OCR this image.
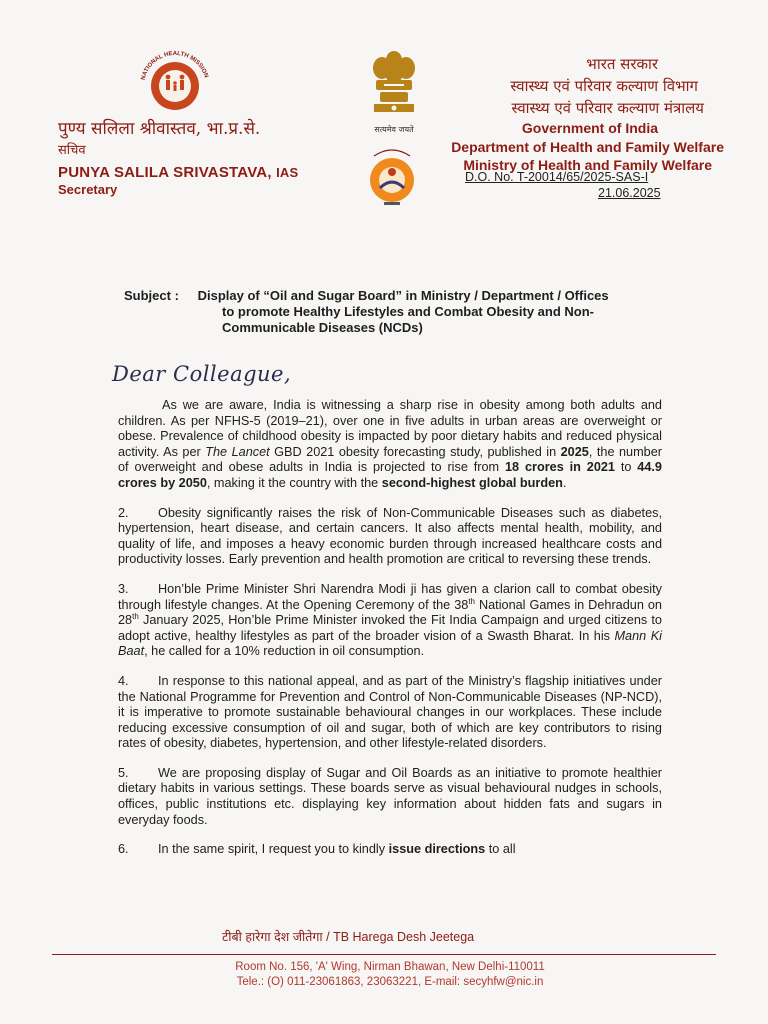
NATIONAL HEALTH MISSION
सत्यमेव जयते
पुण्य सलिला श्रीवास्तव, भा.प्र.से.
सचिव
PUNYA SALILA SRIVASTAVA, IAS
Secretary
भारत सरकार
स्वास्थ्य एवं परिवार कल्याण विभाग
स्वास्थ्य एवं परिवार कल्याण मंत्रालय
Government of India
Department of Health and Family Welfare
Ministry of Health and Family Welfare
D.O. No. T-20014/65/2025-SAS-I
21.06.2025
Subject : Display of “Oil and Sugar Board” in Ministry / Department / Offices
to promote Healthy Lifestyles and Combat Obesity and Non-Communicable Diseases (NCDs)
Dear Colleague,

As we are aware, India is witnessing a sharp rise in obesity among both adults and children. As per NFHS-5 (2019–21), over one in five adults in urban areas are overweight or obese. Prevalence of childhood obesity is impacted by poor dietary habits and reduced physical activity. As per The Lancet GBD 2021 obesity forecasting study, published in 2025, the number of overweight and obese adults in India is projected to rise from 18 crores in 2021 to 44.9 crores by 2050, making it the country with the second-highest global burden.

2. Obesity significantly raises the risk of Non-Communicable Diseases such as diabetes, hypertension, heart disease, and certain cancers. It also affects mental health, mobility, and quality of life, and imposes a heavy economic burden through increased healthcare costs and productivity losses. Early prevention and health promotion are critical to reversing these trends.

3. Hon’ble Prime Minister Shri Narendra Modi ji has given a clarion call to combat obesity through lifestyle changes. At the Opening Ceremony of the 38th National Games in Dehradun on 28th January 2025, Hon’ble Prime Minister invoked the Fit India Campaign and urged citizens to adopt active, healthy lifestyles as part of the broader vision of a Swasth Bharat. In his Mann Ki Baat, he called for a 10% reduction in oil consumption.

4. In response to this national appeal, and as part of the Ministry’s flagship initiatives under the National Programme for Prevention and Control of Non-Communicable Diseases (NP-NCD), it is imperative to promote sustainable behavioural changes in our workplaces. These include reducing excessive consumption of oil and sugar, both of which are key contributors to rising rates of obesity, diabetes, hypertension, and other lifestyle-related disorders.

5. We are proposing display of Sugar and Oil Boards as an initiative to promote healthier dietary habits in various settings. These boards serve as visual behavioural nudges in schools, offices, public institutions etc. displaying key information about hidden fats and sugars in everyday foods.

6. In the same spirit, I request you to kindly issue directions to all

टीबी हारेगा देश जीतेगा / TB Harega Desh Jeetega
Room No. 156, 'A' Wing, Nirman Bhawan, New Delhi-110011
Tele.: (O) 011-23061863, 23063221, E-mail: secyhfw@nic.in
